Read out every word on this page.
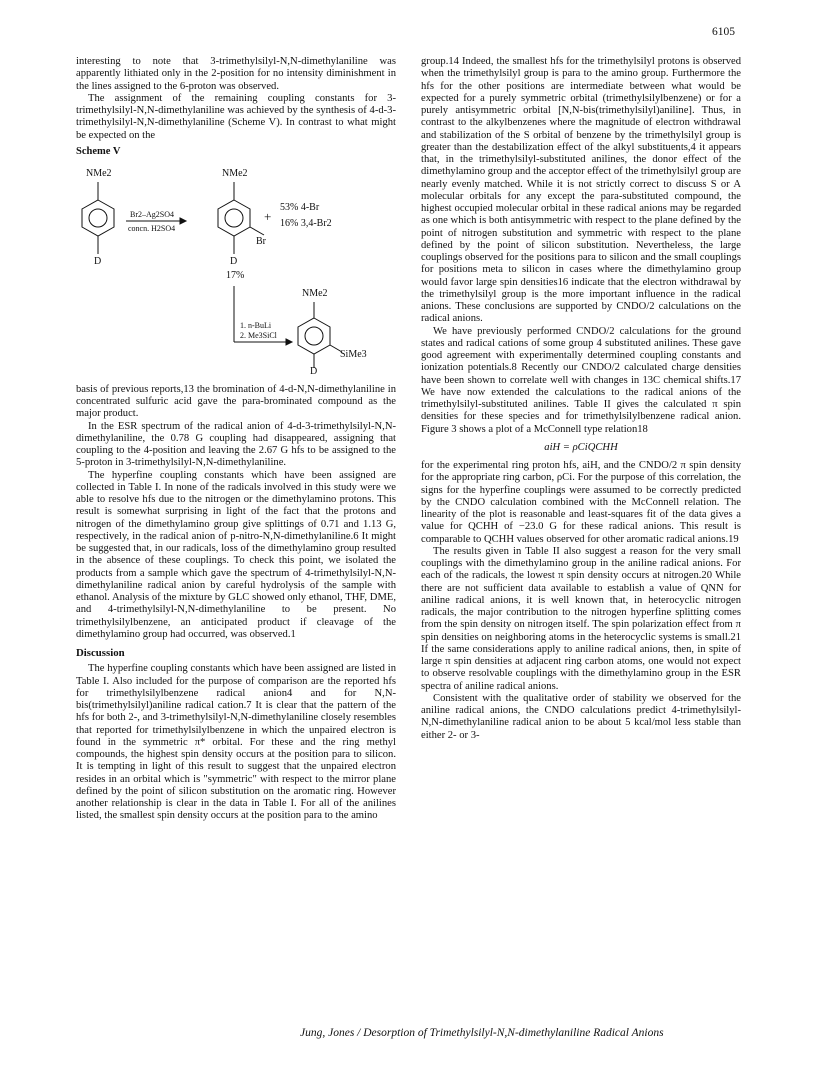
6105

interesting to note that 3-trimethylsilyl-N,N-dimethylaniline was apparently lithiated only in the 2-position for no intensity diminishment in the lines assigned to the 6-proton was observed.

The assignment of the remaining coupling constants for 3-trimethylsilyl-N,N-dimethylaniline was achieved by the synthesis of 4-d-3-trimethylsilyl-N,N-dimethylaniline (Scheme V). In contrast to what might be expected on the

Scheme V
NMe2	NMe2
Br2–Ag2SO4
concn. H2SO4
+
53% 4-Br
16% 3,4-Br2
Br
D	D
17%
NMe2
1. n-BuLi
2. Me3SiCl
SiMe3
D

basis of previous reports,13 the bromination of 4-d-N,N-dimethylaniline in concentrated sulfuric acid gave the para-brominated compound as the major product.

In the ESR spectrum of the radical anion of 4-d-3-trimethylsilyl-N,N-dimethylaniline, the 0.78 G coupling had disappeared, assigning that coupling to the 4-position and leaving the 2.67 G hfs to be assigned to the 5-proton in 3-trimethylsilyl-N,N-dimethylaniline.

The hyperfine coupling constants which have been assigned are collected in Table I. In none of the radicals involved in this study were we able to resolve hfs due to the nitrogen or the dimethylamino protons. This result is somewhat surprising in light of the fact that the protons and nitrogen of the dimethylamino group give splittings of 0.71 and 1.13 G, respectively, in the radical anion of p-nitro-N,N-dimethylaniline.6 It might be suggested that, in our radicals, loss of the dimethylamino group resulted in the absence of these couplings. To check this point, we isolated the products from a sample which gave the spectrum of 4-trimethylsilyl-N,N-dimethylaniline radical anion by careful hydrolysis of the sample with ethanol. Analysis of the mixture by GLC showed only ethanol, THF, DME, and 4-trimethylsilyl-N,N-dimethylaniline to be present. No trimethylsilylbenzene, an anticipated product if cleavage of the dimethylamino group had occurred, was observed.1

Discussion

The hyperfine coupling constants which have been assigned are listed in Table I. Also included for the purpose of comparison are the reported hfs for trimethylsilylbenzene radical anion4 and for N,N-bis(trimethylsilyl)aniline radical cation.7 It is clear that the pattern of the hfs for both 2-, and 3-trimethylsilyl-N,N-dimethylaniline closely resembles that reported for trimethylsilylbenzene in which the unpaired electron is found in the symmetric π* orbital. For these and the ring methyl compounds, the highest spin density occurs at the position para to silicon. It is tempting in light of this result to suggest that the unpaired electron resides in an orbital which is "symmetric" with respect to the mirror plane defined by the point of silicon substitution on the aromatic ring. However another relationship is clear in the data in Table I. For all of the anilines listed, the smallest spin density occurs at the position para to the amino

group.14 Indeed, the smallest hfs for the trimethylsilyl protons is observed when the trimethylsilyl group is para to the amino group. Furthermore the hfs for the other positions are intermediate between what would be expected for a purely symmetric orbital (trimethylsilylbenzene) or for a purely antisymmetric orbital [N,N-bis(trimethylsilyl)aniline]. Thus, in contrast to the alkylbenzenes where the magnitude of electron withdrawal and stabilization of the S orbital of benzene by the trimethylsilyl group is greater than the destabilization effect of the alkyl substituents,4 it appears that, in the trimethylsilyl-substituted anilines, the donor effect of the dimethylamino group and the acceptor effect of the trimethylsilyl group are nearly evenly matched. While it is not strictly correct to discuss S or A molecular orbitals for any except the para-substituted compound, the highest occupied molecular orbital in these radical anions may be regarded as one which is both antisymmetric with respect to the plane defined by the point of nitrogen substitution and symmetric with respect to the plane defined by the point of silicon substitution. Nevertheless, the large couplings observed for the positions para to silicon and the small couplings for positions meta to silicon in cases where the dimethylamino group would favor large spin densities16 indicate that the electron withdrawal by the trimethylsilyl group is the more important influence in the radical anions. These conclusions are supported by CNDO/2 calculations on the radical anions.

We have previously performed CNDO/2 calculations for the ground states and radical cations of some group 4 substituted anilines. These gave good agreement with experimentally determined coupling constants and ionization potentials.8 Recently our CNDO/2 calculated charge densities have been shown to correlate well with changes in 13C chemical shifts.17 We have now extended the calculations to the radical anions of the trimethylsilyl-substituted anilines. Table II gives the calculated π spin densities for these species and for trimethylsilylbenzene radical anion. Figure 3 shows a plot of a McConnell type relation18

aiH = ρCiQCHH

for the experimental ring proton hfs, aiH, and the CNDO/2 π spin density for the appropriate ring carbon, ρCi. For the purpose of this correlation, the signs for the hyperfine couplings were assumed to be correctly predicted by the CNDO calculation combined with the McConnell relation. The linearity of the plot is reasonable and least-squares fit of the data gives a value for QCHH of −23.0 G for these radical anions. This result is comparable to QCHH values observed for other aromatic radical anions.19

The results given in Table II also suggest a reason for the very small couplings with the dimethylamino group in the aniline radical anions. For each of the radicals, the lowest π spin density occurs at nitrogen.20 While there are not sufficient data available to establish a value of QNN for aniline radical anions, it is well known that, in heterocyclic nitrogen radicals, the major contribution to the nitrogen hyperfine splitting comes from the spin density on nitrogen itself. The spin polarization effect from π spin densities on neighboring atoms in the heterocyclic systems is small.21 If the same considerations apply to aniline radical anions, then, in spite of large π spin densities at adjacent ring carbon atoms, one would not expect to observe resolvable couplings with the dimethylamino group in the ESR spectra of aniline radical anions.

Consistent with the qualitative order of stability we observed for the aniline radical anions, the CNDO calculations predict 4-trimethylsilyl-N,N-dimethylaniline radical anion to be about 5 kcal/mol less stable than either 2- or 3-

Jung, Jones / Desorption of Trimethylsilyl-N,N-dimethylaniline Radical Anions
